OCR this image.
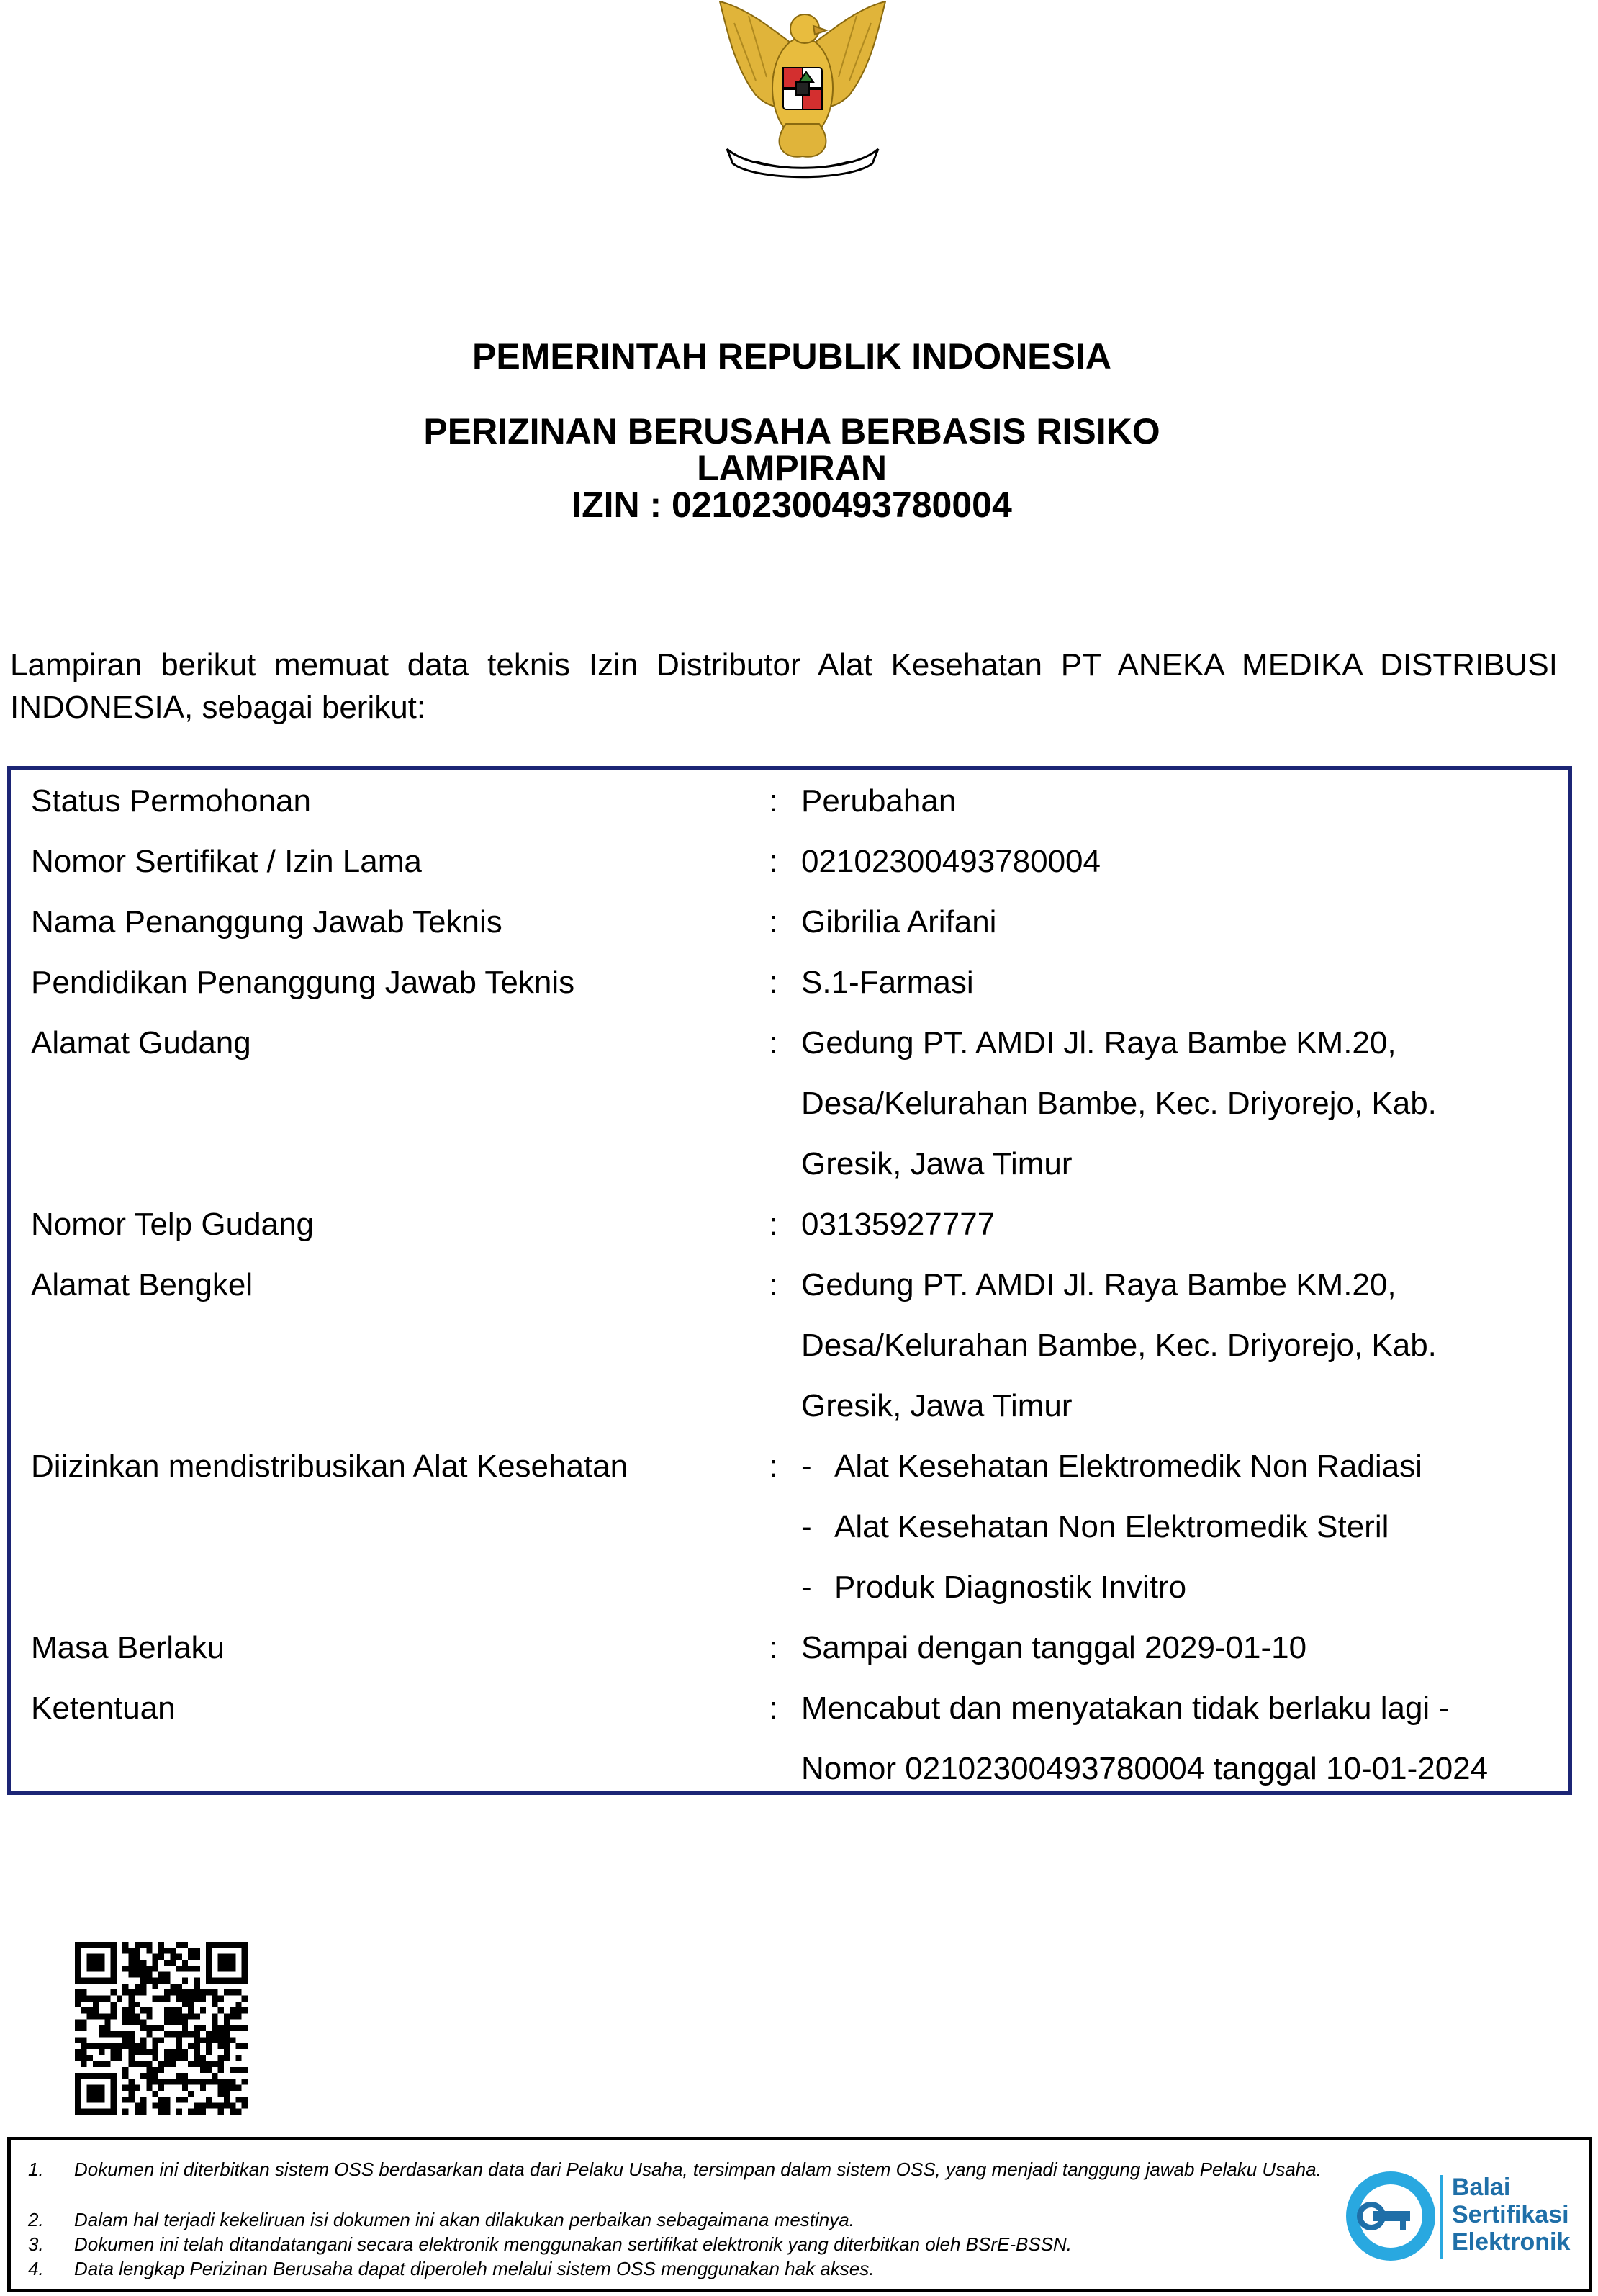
PEMERINTAH REPUBLIK INDONESIA
PERIZINAN BERUSAHA BERBASIS RISIKO
LAMPIRAN
IZIN : 02102300493780004
Lampiran berikut memuat data teknis Izin Distributor Alat Kesehatan PT ANEKA MEDIKA DISTRIBUSI INDONESIA, sebagai berikut:
Status Permohonan	: Perubahan
Nomor Sertifikat / Izin Lama	: 02102300493780004
Nama Penanggung Jawab Teknis	: Gibrilia Arifani
Pendidikan Penanggung Jawab Teknis	: S.1-Farmasi
Alamat Gudang	: Gedung PT. AMDI Jl. Raya Bambe KM.20,
Desa/Kelurahan Bambe, Kec. Driyorejo, Kab.
Gresik, Jawa Timur
Nomor Telp Gudang	: 03135927777
Alamat Bengkel	: Gedung PT. AMDI Jl. Raya Bambe KM.20,
Desa/Kelurahan Bambe, Kec. Driyorejo, Kab.
Gresik, Jawa Timur
Diizinkan mendistribusikan Alat Kesehatan	: - Alat Kesehatan Elektromedik Non Radiasi
- Alat Kesehatan Non Elektromedik Steril
- Produk Diagnostik Invitro
Masa Berlaku	: Sampai dengan tanggal 2029-01-10
Ketentuan	: Mencabut dan menyatakan tidak berlaku lagi -
Nomor 02102300493780004 tanggal 10-01-2024
1. Dokumen ini diterbitkan sistem OSS berdasarkan data dari Pelaku Usaha, tersimpan dalam sistem OSS, yang menjadi tanggung jawab Pelaku Usaha.
2. Dalam hal terjadi kekeliruan isi dokumen ini akan dilakukan perbaikan sebagaimana mestinya.
3. Dokumen ini telah ditandatangani secara elektronik menggunakan sertifikat elektronik yang diterbitkan oleh BSrE-BSSN.
4. Data lengkap Perizinan Berusaha dapat diperoleh melalui sistem OSS menggunakan hak akses.
Balai
Sertifikasi
Elektronik
